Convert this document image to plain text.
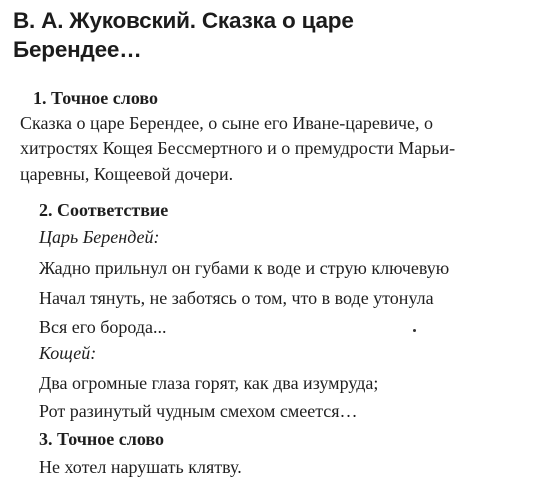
В. А. Жуковский. Сказка о царе
Берендее…

1. Точное слово

Сказка о царе Берендее, о сыне его Иване-царевиче, о

хитростях Кощея Бессмертного и о премудрости Марьи-

царевны, Кощеевой дочери.

2. Соответствие

Царь Берендей:

Жадно прильнул он губами к воде и струю ключевую

Начал тянуть, не заботясь о том, что в воде утонула

Вся его борода...

Кощей:

Два огромные глаза горят, как два изумруда;

Рот разинутый чудным смехом смеется…

3. Точное слово

Не хотел нарушать клятву.
